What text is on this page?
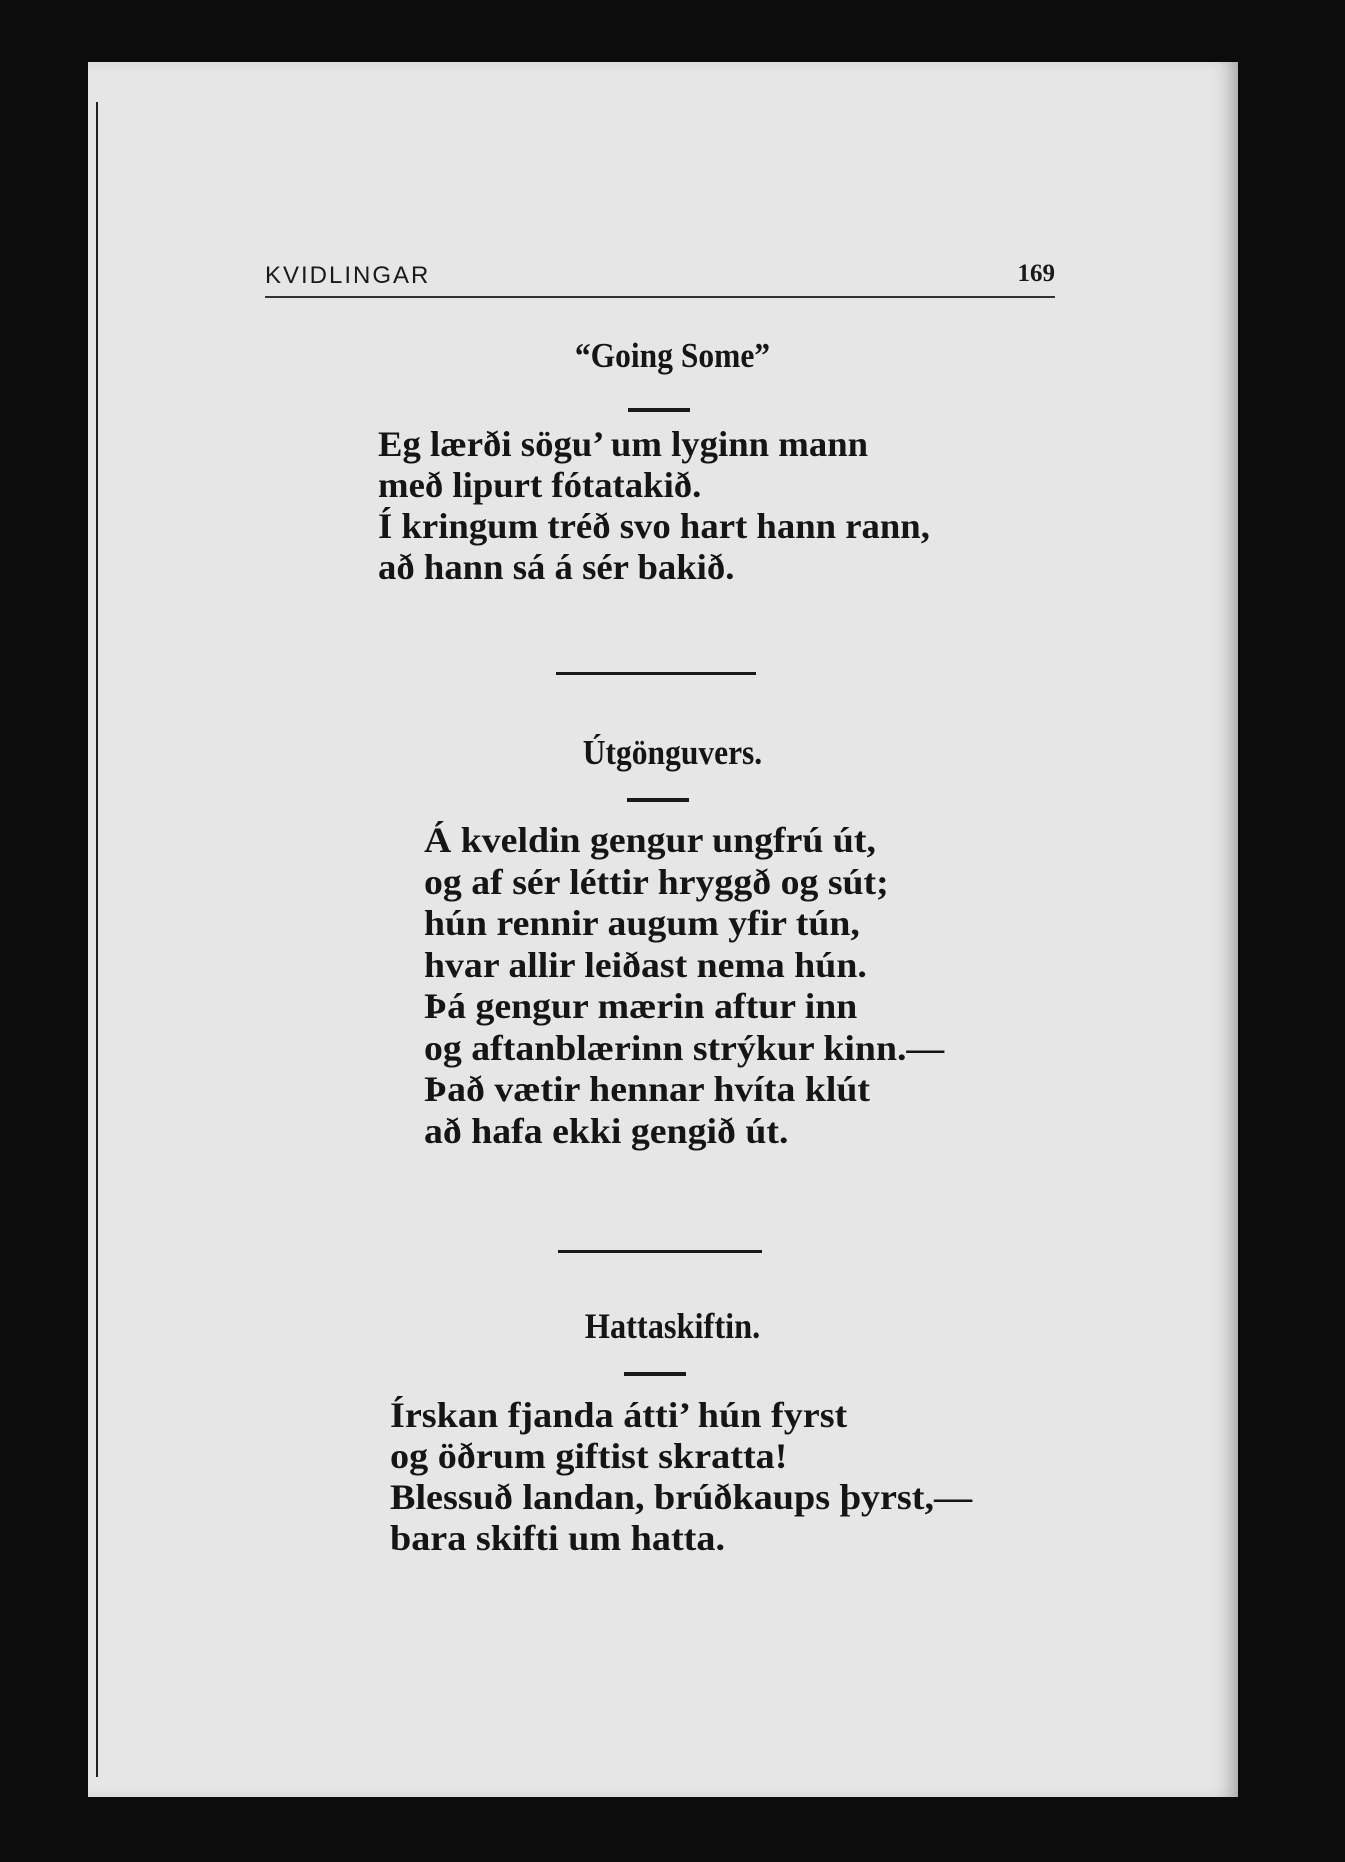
KVIDLINGAR	169
“Going Some”
Eg lærði sögu’ um lyginn mann
með lipurt fótatakið.
Í kringum tréð svo hart hann rann,
að hann sá á sér bakið.
Útgönguvers.
Á kveldin gengur ungfrú út,
og af sér léttir hryggð og sút;
hún rennir augum yfir tún,
hvar allir leiðast nema hún.
Þá gengur mærin aftur inn
og aftanblærinn strýkur kinn.—
Það vætir hennar hvíta klút
að hafa ekki gengið út.
Hattaskiftin.
Írskan fjanda átti’ hún fyrst
og öðrum giftist skratta!
Blessuð landan, brúðkaups þyrst,—
bara skifti um hatta.
